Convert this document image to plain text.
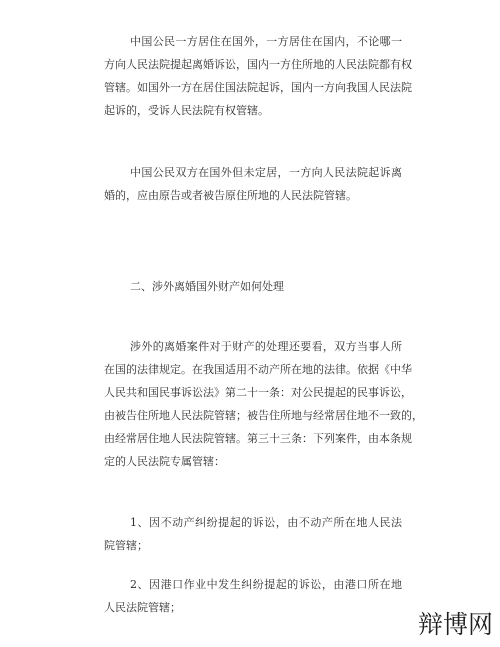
中国公民一方居住在国外，一方居住在国内，不论哪一
方向人民法院提起离婚诉讼，国内一方住所地的人民法院都有权
管辖。如国外一方在居住国法院起诉，国内一方向我国人民法院
起诉的，受诉人民法院有权管辖。
中国公民双方在国外但未定居，一方向人民法院起诉离
婚的，应由原告或者被告原住所地的人民法院管辖。
二、涉外离婚国外财产如何处理
涉外的离婚案件对于财产的处理还要看，双方当事人所
在国的法律规定。在我国适用不动产所在地的法律。依据《中华
人民共和国民事诉讼法》第二十一条：对公民提起的民事诉讼，
由被告住所地人民法院管辖；被告住所地与经常居住地不一致的，
由经常居住地人民法院管辖。第三十三条：下列案件，由本条规
定的人民法院专属管辖：
1、因不动产纠纷提起的诉讼，由不动产所在地人民法
院管辖；
2、因港口作业中发生纠纷提起的诉讼，由港口所在地
人民法院管辖；
辩博网
